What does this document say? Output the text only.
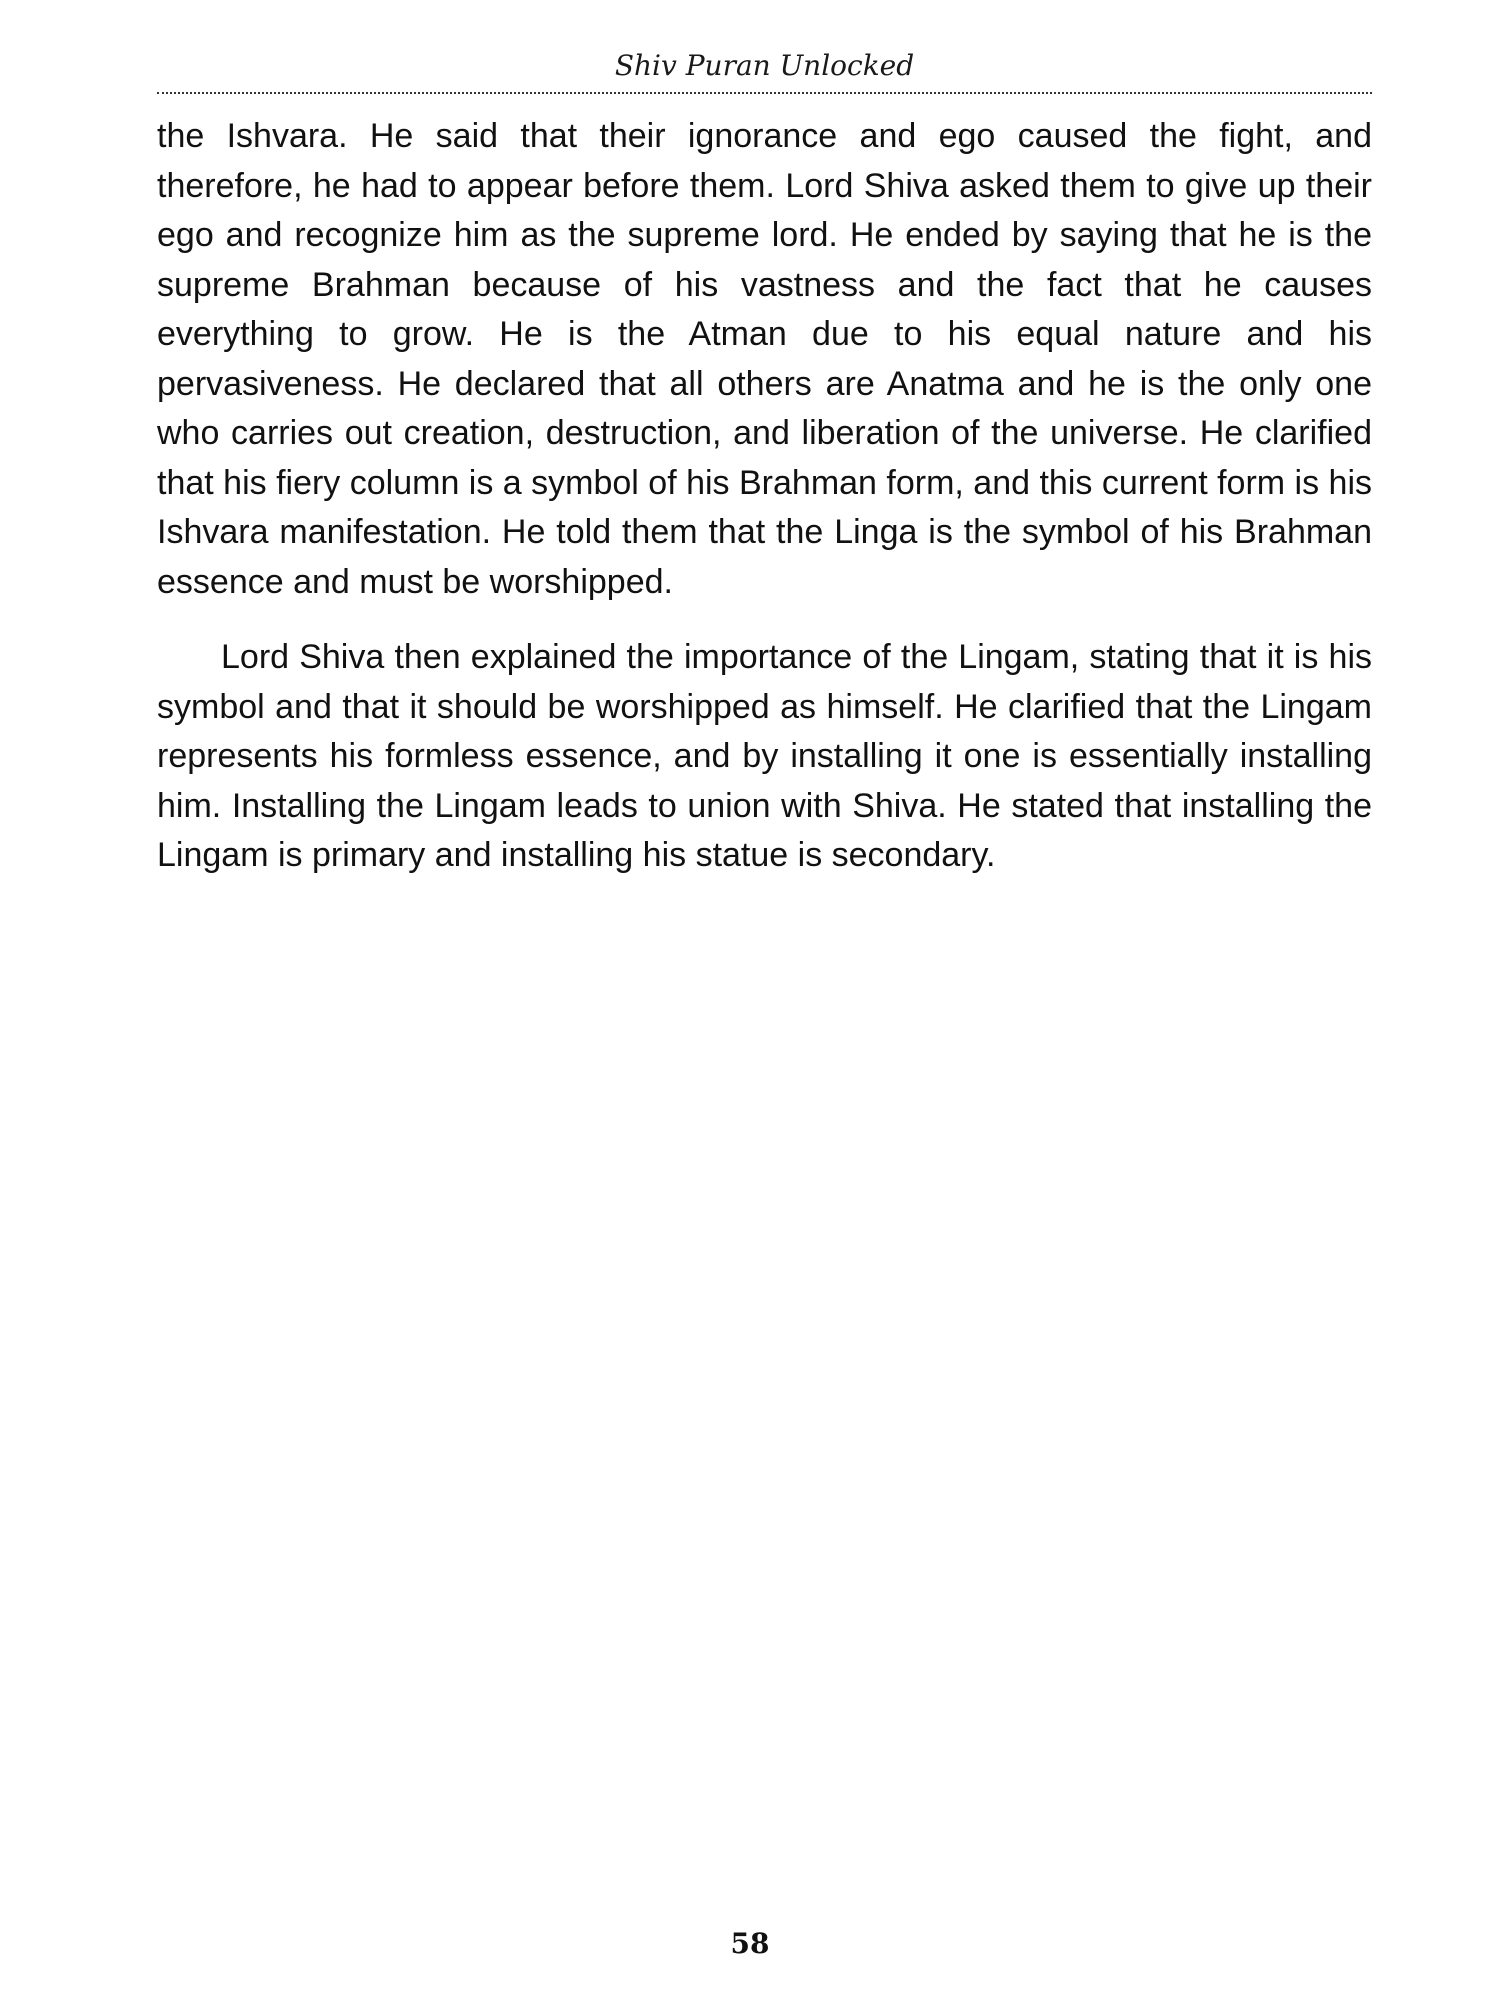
Shiv Puran Unlocked

the Ishvara. He said that their ignorance and ego caused the fight, and therefore, he had to appear before them. Lord Shiva asked them to give up their ego and recognize him as the supreme lord. He ended by saying that he is the supreme Brahman because of his vastness and the fact that he causes everything to grow. He is the Atman due to his equal nature and his pervasiveness. He declared that all others are Anatma and he is the only one who carries out creation, destruction, and liberation of the universe. He clarified that his fiery column is a symbol of his Brahman form, and this current form is his Ishvara manifestation. He told them that the Linga is the symbol of his Brahman essence and must be worshipped.

Lord Shiva then explained the importance of the Lingam, stating that it is his symbol and that it should be worshipped as himself. He clarified that the Lingam represents his formless essence, and by installing it one is essentially installing him. Installing the Lingam leads to union with Shiva. He stated that installing the Lingam is primary and installing his statue is secondary.

58
